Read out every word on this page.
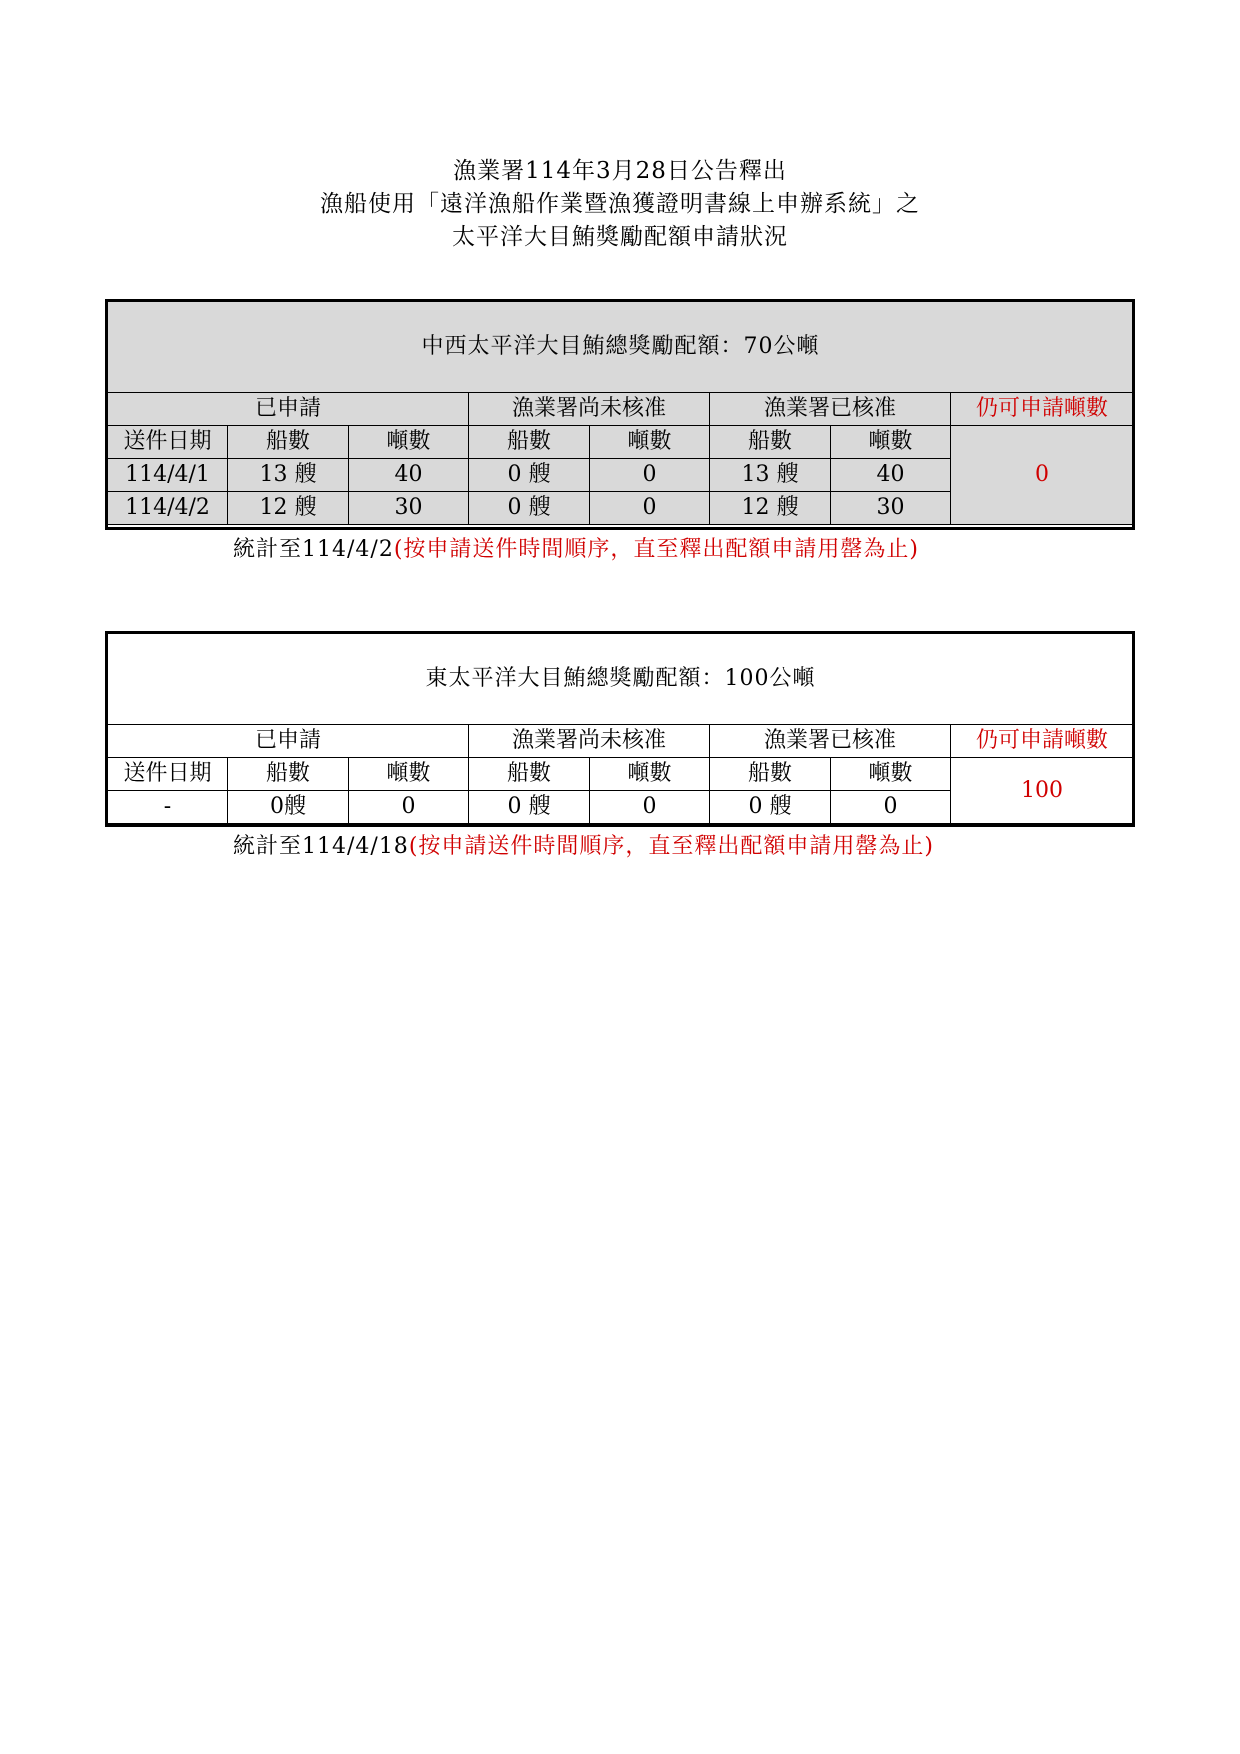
漁業署114年3月28日公告釋出
漁船使用「遠洋漁船作業暨漁獲證明書線上申辦系統」之
太平洋大目鮪獎勵配額申請狀況
中西太平洋大目鮪總獎勵配額：70公噸							
已申請			漁業署尚未核准		漁業署已核准		仍可申請噸數
送件日期	船數	噸數	船數	噸數	船數	噸數	0
114/4/1	13 艘	40	0 艘	0	13 艘	40	
114/4/2	12 艘	30	0 艘	0	12 艘	30	
統計至114/4/2(按申請送件時間順序，直至釋出配額申請用罄為止)
東太平洋大目鮪總獎勵配額：100公噸							
已申請			漁業署尚未核准		漁業署已核准		仍可申請噸數
送件日期	船數	噸數	船數	噸數	船數	噸數	100
-	0艘	0	0 艘	0	0 艘	0	
統計至114/4/18(按申請送件時間順序，直至釋出配額申請用罄為止)
